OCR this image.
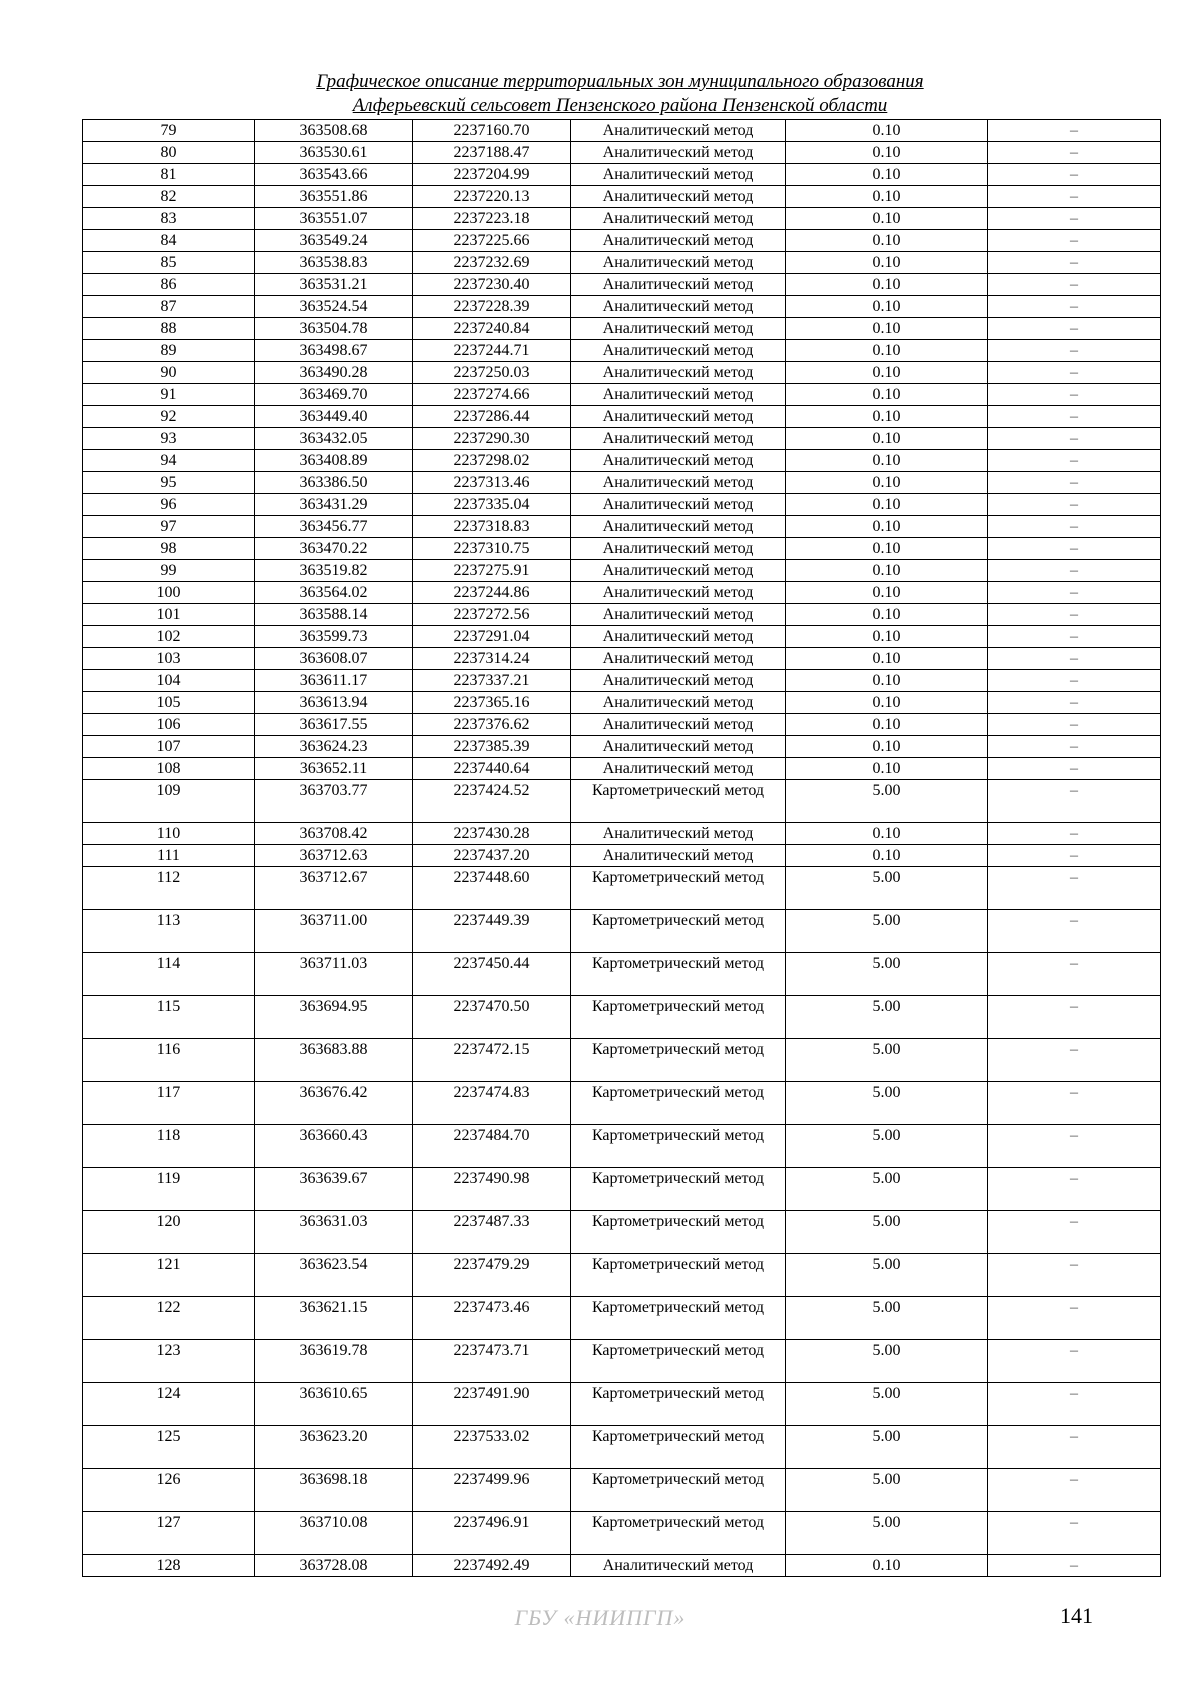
Графическое описание территориальных зон муниципального образования
Алферьевский сельсовет Пензенского района Пензенской области
79	363508.68	2237160.70	Аналитический метод	0.10	–
80	363530.61	2237188.47	Аналитический метод	0.10	–
81	363543.66	2237204.99	Аналитический метод	0.10	–
82	363551.86	2237220.13	Аналитический метод	0.10	–
83	363551.07	2237223.18	Аналитический метод	0.10	–
84	363549.24	2237225.66	Аналитический метод	0.10	–
85	363538.83	2237232.69	Аналитический метод	0.10	–
86	363531.21	2237230.40	Аналитический метод	0.10	–
87	363524.54	2237228.39	Аналитический метод	0.10	–
88	363504.78	2237240.84	Аналитический метод	0.10	–
89	363498.67	2237244.71	Аналитический метод	0.10	–
90	363490.28	2237250.03	Аналитический метод	0.10	–
91	363469.70	2237274.66	Аналитический метод	0.10	–
92	363449.40	2237286.44	Аналитический метод	0.10	–
93	363432.05	2237290.30	Аналитический метод	0.10	–
94	363408.89	2237298.02	Аналитический метод	0.10	–
95	363386.50	2237313.46	Аналитический метод	0.10	–
96	363431.29	2237335.04	Аналитический метод	0.10	–
97	363456.77	2237318.83	Аналитический метод	0.10	–
98	363470.22	2237310.75	Аналитический метод	0.10	–
99	363519.82	2237275.91	Аналитический метод	0.10	–
100	363564.02	2237244.86	Аналитический метод	0.10	–
101	363588.14	2237272.56	Аналитический метод	0.10	–
102	363599.73	2237291.04	Аналитический метод	0.10	–
103	363608.07	2237314.24	Аналитический метод	0.10	–
104	363611.17	2237337.21	Аналитический метод	0.10	–
105	363613.94	2237365.16	Аналитический метод	0.10	–
106	363617.55	2237376.62	Аналитический метод	0.10	–
107	363624.23	2237385.39	Аналитический метод	0.10	–
108	363652.11	2237440.64	Аналитический метод	0.10	–
109	363703.77	2237424.52	Картометрический метод	5.00	–
110	363708.42	2237430.28	Аналитический метод	0.10	–
111	363712.63	2237437.20	Аналитический метод	0.10	–
112	363712.67	2237448.60	Картометрический метод	5.00	–
113	363711.00	2237449.39	Картометрический метод	5.00	–
114	363711.03	2237450.44	Картометрический метод	5.00	–
115	363694.95	2237470.50	Картометрический метод	5.00	–
116	363683.88	2237472.15	Картометрический метод	5.00	–
117	363676.42	2237474.83	Картометрический метод	5.00	–
118	363660.43	2237484.70	Картометрический метод	5.00	–
119	363639.67	2237490.98	Картометрический метод	5.00	–
120	363631.03	2237487.33	Картометрический метод	5.00	–
121	363623.54	2237479.29	Картометрический метод	5.00	–
122	363621.15	2237473.46	Картометрический метод	5.00	–
123	363619.78	2237473.71	Картометрический метод	5.00	–
124	363610.65	2237491.90	Картометрический метод	5.00	–
125	363623.20	2237533.02	Картометрический метод	5.00	–
126	363698.18	2237499.96	Картометрический метод	5.00	–
127	363710.08	2237496.91	Картометрический метод	5.00	–
128	363728.08	2237492.49	Аналитический метод	0.10	–
ГБУ «НИИПГП»	141
